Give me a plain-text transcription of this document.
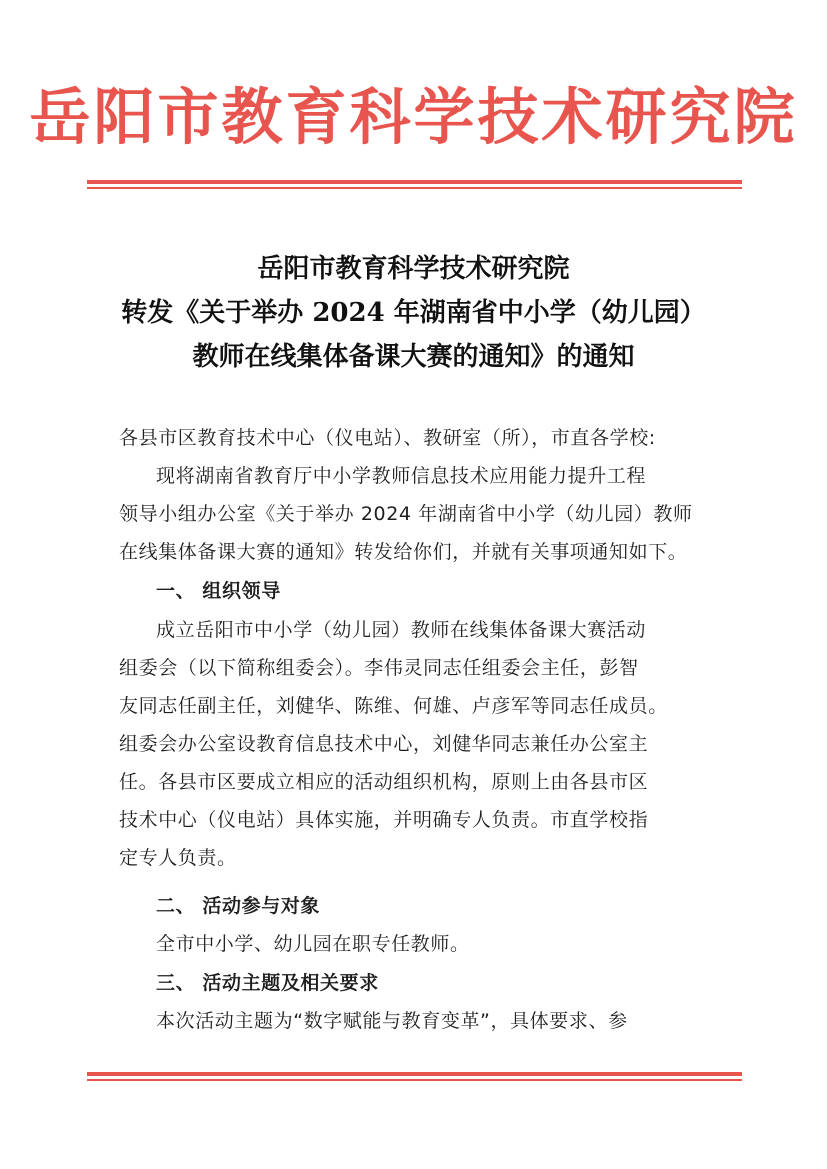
岳阳市教育科学技术研究院
岳阳市教育科学技术研究院
转发《关于举办 2024 年湖南省中小学（幼儿园）
教师在线集体备课大赛的通知》的通知
各县市区教育技术中心（仪电站）、教研室（所），市直各学校:
现将湖南省教育厅中小学教师信息技术应用能力提升工程
领导小组办公室《关于举办 2024 年湖南省中小学（幼儿园）教师
在线集体备课大赛的通知》转发给你们，并就有关事项通知如下。
一、 组织领导
成立岳阳市中小学（幼儿园）教师在线集体备课大赛活动
组委会（以下简称组委会）。李伟灵同志任组委会主任，彭智
友同志任副主任，刘健华、陈维、何雄、卢彦军等同志任成员。
组委会办公室设教育信息技术中心，刘健华同志兼任办公室主
任。各县市区要成立相应的活动组织机构，原则上由各县市区
技术中心（仪电站）具体实施，并明确专人负责。市直学校指
定专人负责。
二、 活动参与对象
全市中小学、幼儿园在职专任教师。
三、 活动主题及相关要求
本次活动主题为“数字赋能与教育变革”，具体要求、参
